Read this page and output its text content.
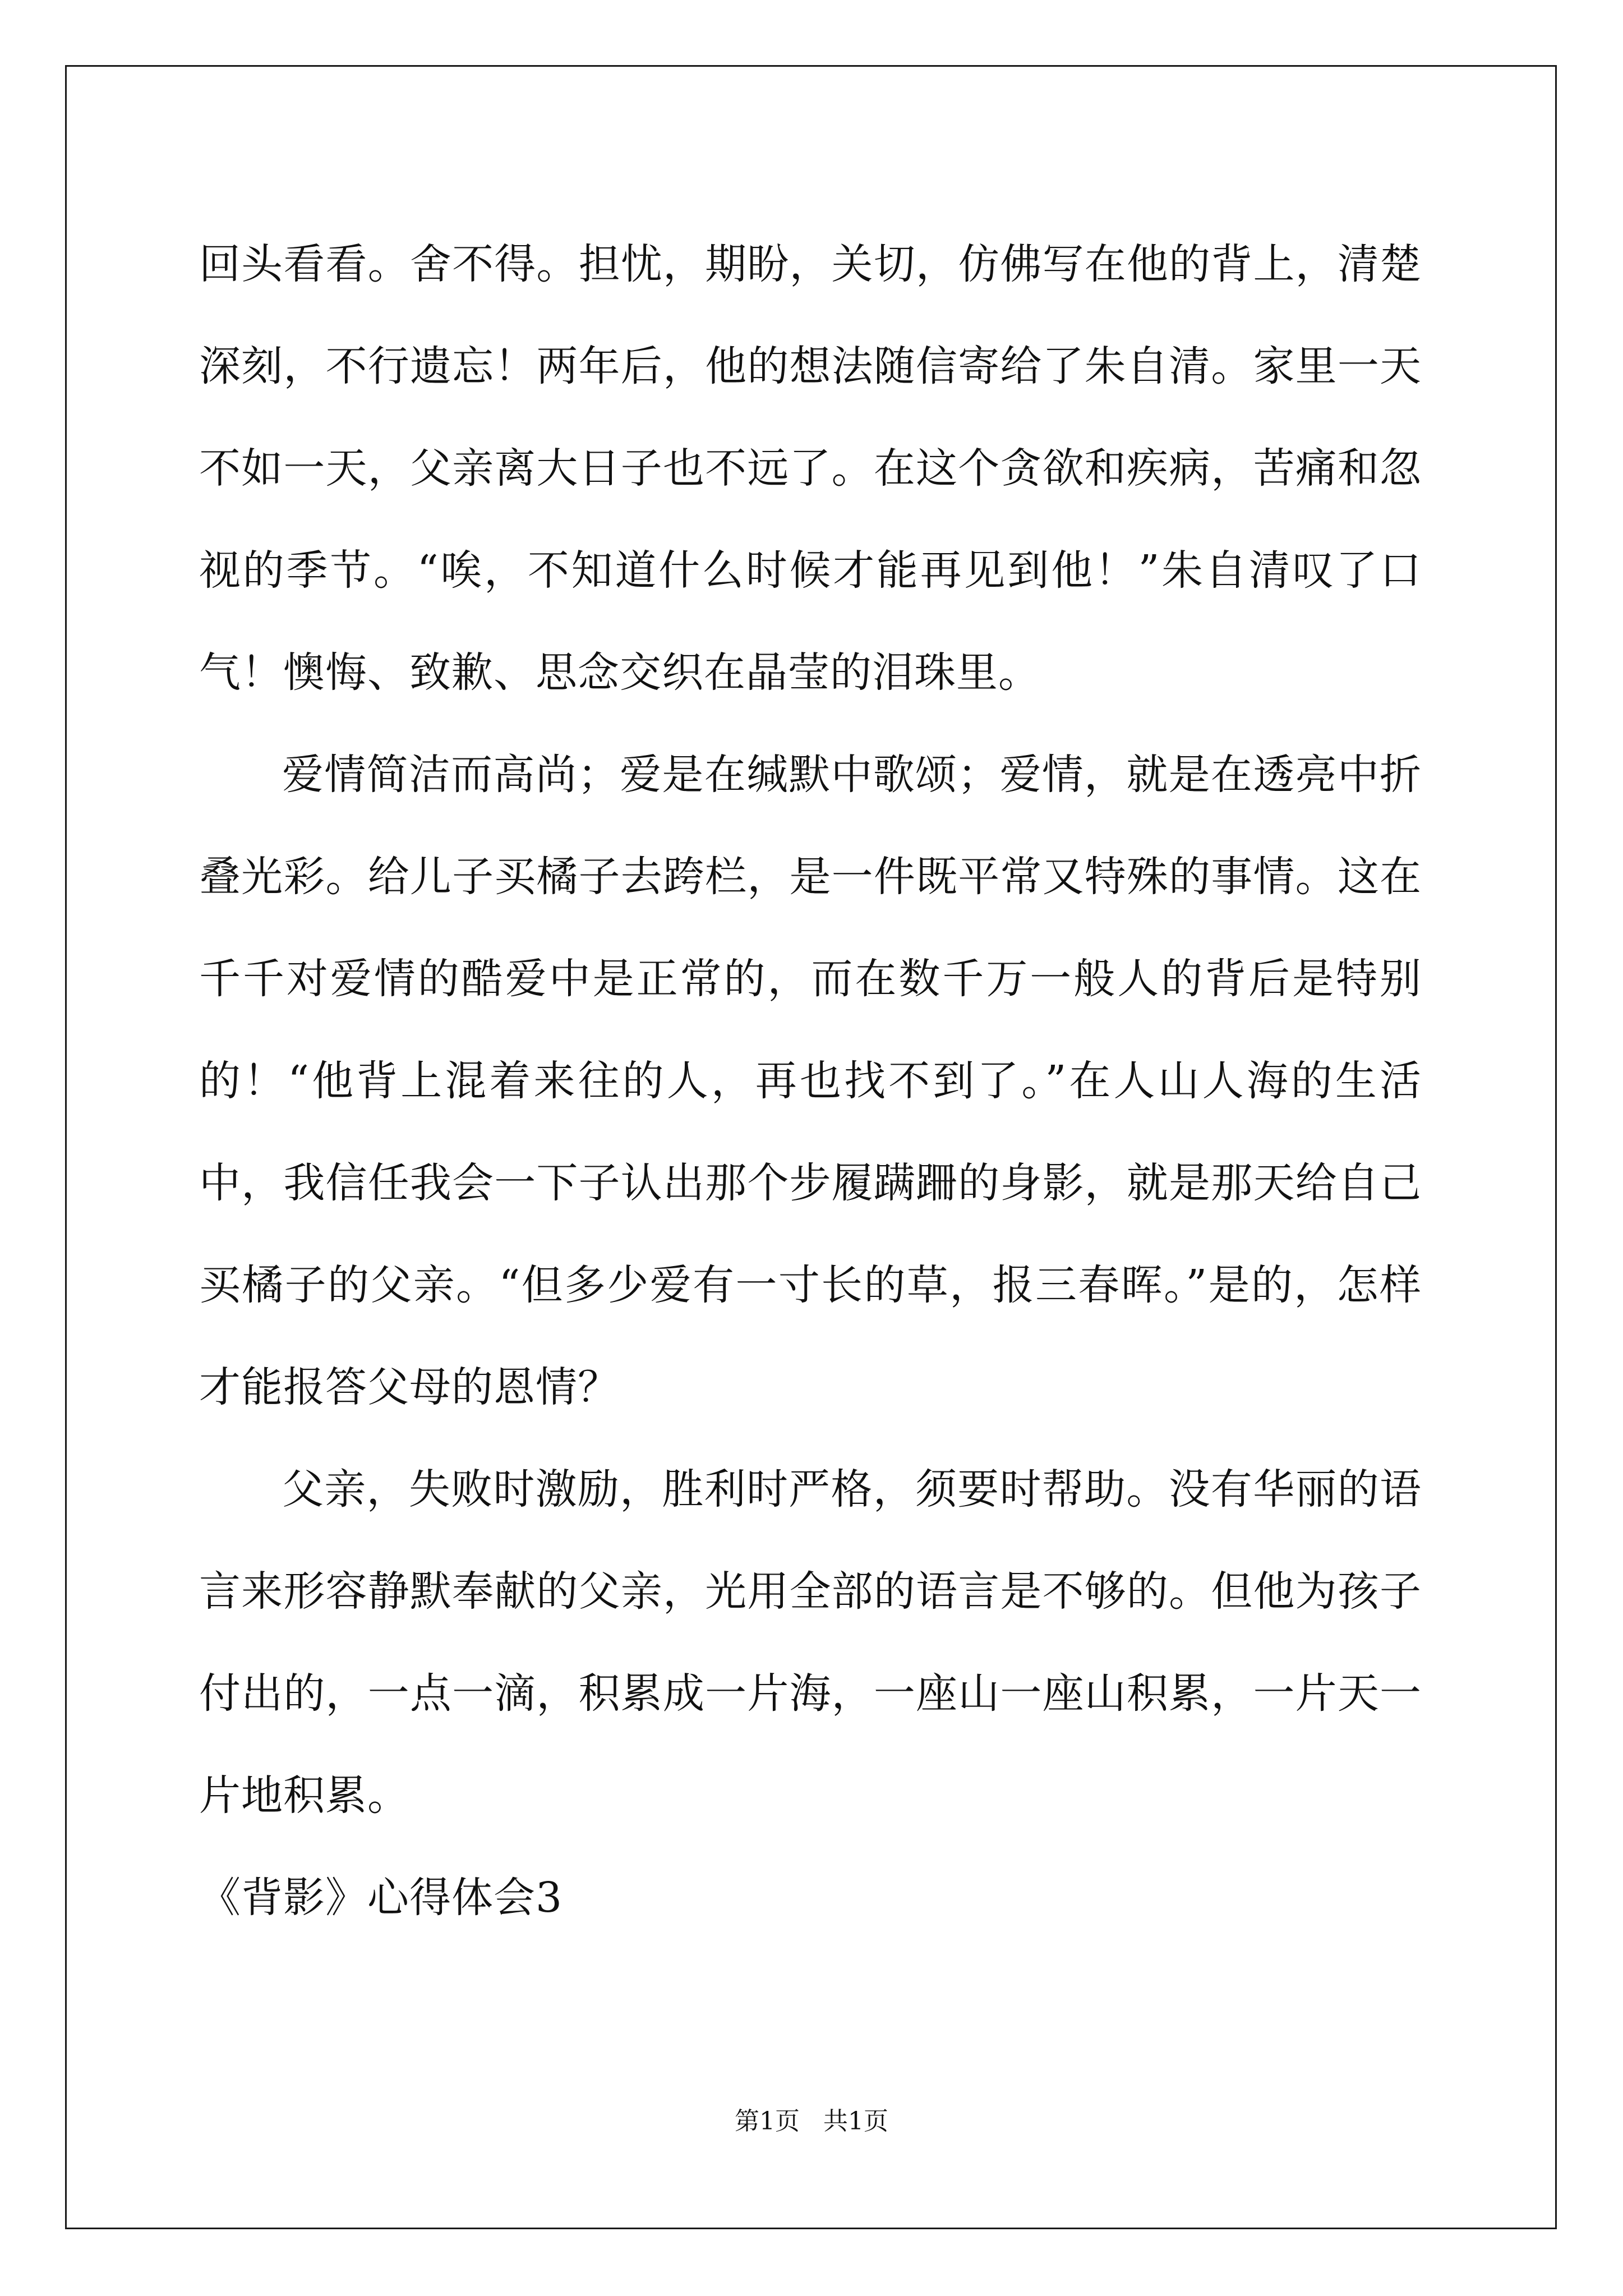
回头看看。舍不得。担忧，期盼，关切，仿佛写在他的背上，清楚深刻，不行遗忘！两年后，他的想法随信寄给了朱自清。家里一天不如一天，父亲离大日子也不远了。在这个贪欲和疾病，苦痛和忽视的季节。“唉，不知道什么时候才能再见到他！”朱自清叹了口气！懊悔、致歉、思念交织在晶莹的泪珠里。

爱情简洁而高尚；爱是在缄默中歌颂；爱情，就是在透亮中折叠光彩。给儿子买橘子去跨栏，是一件既平常又特殊的事情。这在千千对爱情的酷爱中是正常的，而在数千万一般人的背后是特别的！“他背上混着来往的人，再也找不到了。”在人山人海的生活中，我信任我会一下子认出那个步履蹒跚的身影，就是那天给自己买橘子的父亲。“但多少爱有一寸长的草，报三春晖。”是的，怎样才能报答父母的恩情？

父亲，失败时激励，胜利时严格，须要时帮助。没有华丽的语言来形容静默奉献的父亲，光用全部的语言是不够的。但他为孩子付出的，一点一滴，积累成一片海，一座山一座山积累，一片天一片地积累。

《背影》心得体会3

第1页   共1页
